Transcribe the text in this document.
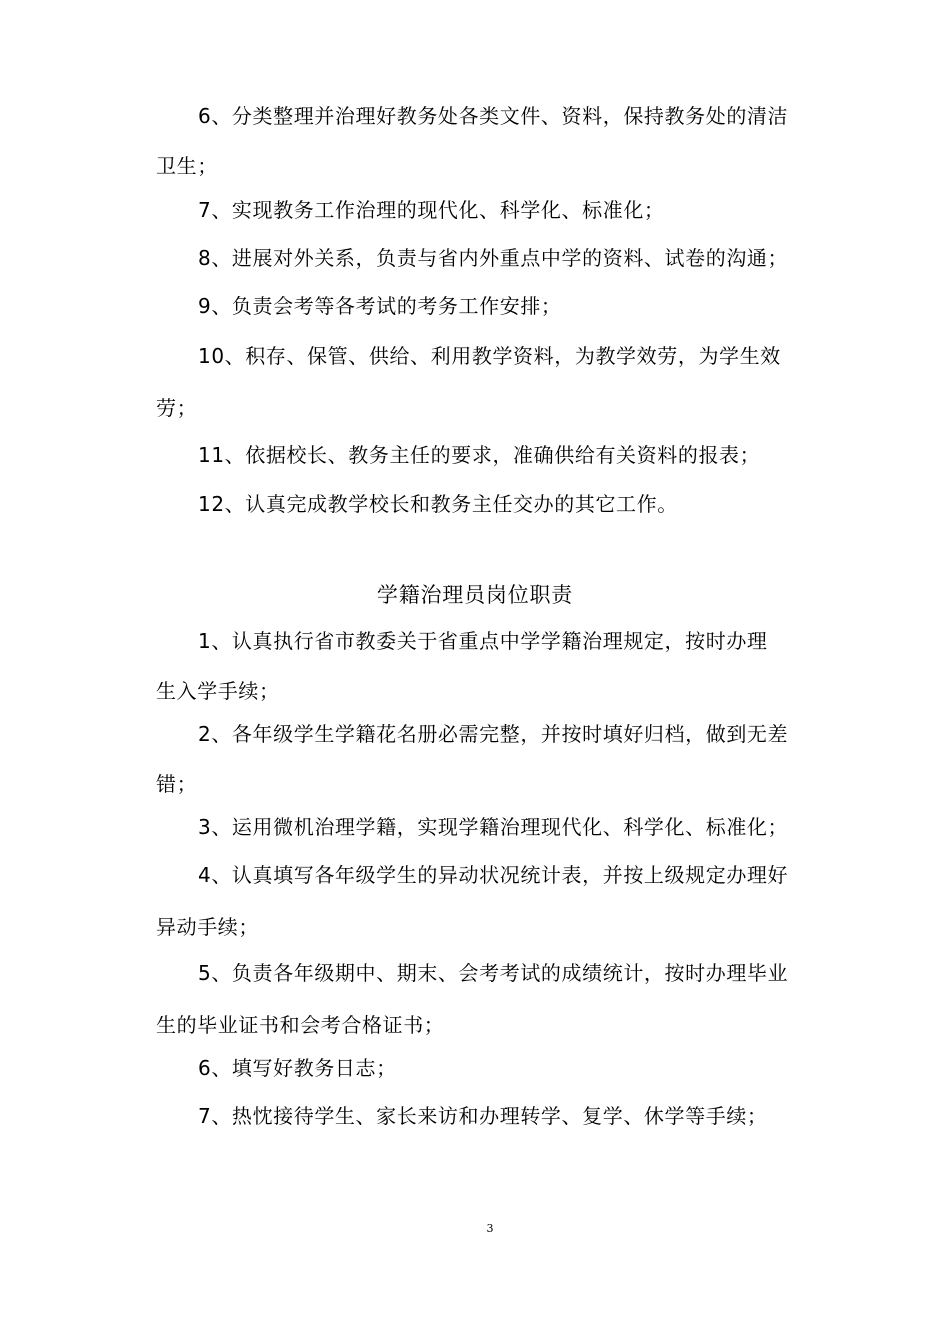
6、分类整理并治理好教务处各类文件、资料，保持教务处的清洁
卫生；
7、实现教务工作治理的现代化、科学化、标准化；
8、进展对外关系，负责与省内外重点中学的资料、试卷的沟通；
9、负责会考等各考试的考务工作安排；
10、积存、保管、供给、利用教学资料，为教学效劳，为学生效
劳；
11、依据校长、教务主任的要求，准确供给有关资料的报表；
12、认真完成教学校长和教务主任交办的其它工作。
学籍治理员岗位职责
1、认真执行省市教委关于省重点中学学籍治理规定，按时办理
生入学手续；
2、各年级学生学籍花名册必需完整，并按时填好归档，做到无差
错；
3、运用微机治理学籍，实现学籍治理现代化、科学化、标准化；
4、认真填写各年级学生的异动状况统计表，并按上级规定办理好
异动手续；
5、负责各年级期中、期末、会考考试的成绩统计，按时办理毕业
生的毕业证书和会考合格证书；
6、填写好教务日志；
7、热忱接待学生、家长来访和办理转学、复学、休学等手续；
3
